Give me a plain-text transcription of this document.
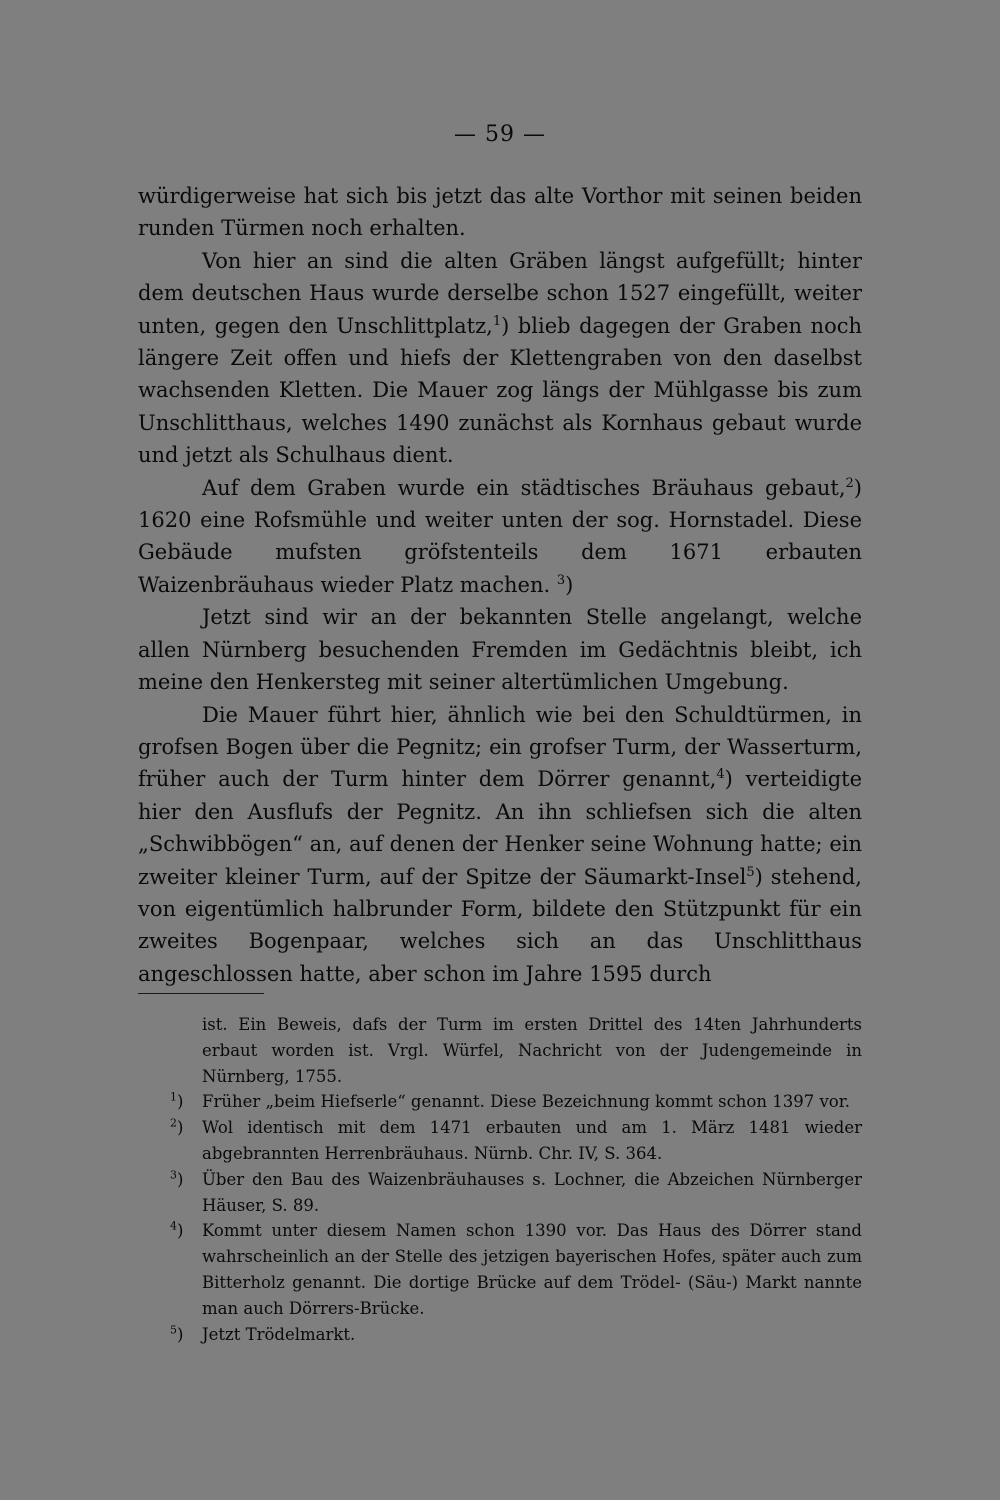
— 59 —

würdigerweise hat sich bis jetzt das alte Vorthor mit seinen beiden runden Türmen noch erhalten.

Von hier an sind die alten Gräben längst aufgefüllt; hinter dem deutschen Haus wurde derselbe schon 1527 eingefüllt, weiter unten, gegen den Unschlittplatz,$^1$) blieb dagegen der Graben noch längere Zeit offen und hiefs der Klettengraben von den daselbst wachsenden Kletten. Die Mauer zog längs der Mühlgasse bis zum Unschlitthaus, welches 1490 zunächst als Kornhaus gebaut wurde und jetzt als Schulhaus dient.

Auf dem Graben wurde ein städtisches Bräuhaus gebaut,$^2$) 1620 eine Rofsmühle und weiter unten der sog. Hornstadel. Diese Gebäude mufsten gröfstenteils dem 1671 erbauten Waizenbräuhaus wieder Platz machen. $^3$)

Jetzt sind wir an der bekannten Stelle angelangt, welche allen Nürnberg besuchenden Fremden im Gedächtnis bleibt, ich meine den Henkersteg mit seiner altertümlichen Umgebung.

Die Mauer führt hier, ähnlich wie bei den Schuldtürmen, in grofsen Bogen über die Pegnitz; ein grofser Turm, der Wasserturm, früher auch der Turm hinter dem Dörrer genannt,$^4$) verteidigte hier den Ausflufs der Pegnitz. An ihn schliefsen sich die alten „Schwibbögen“ an, auf denen der Henker seine Wohnung hatte; ein zweiter kleiner Turm, auf der Spitze der Säumarkt-Insel$^5$) stehend, von eigentümlich halbrunder Form, bildete den Stützpunkt für ein zweites Bogenpaar, welches sich an das Unschlitthaus angeschlossen hatte, aber schon im Jahre 1595 durch

ist. Ein Beweis, dafs der Turm im ersten Drittel des 14ten Jahrhunderts erbaut worden ist. Vrgl. Würfel, Nachricht von der Judengemeinde in Nürnberg, 1755.

$^1$)	Früher „beim Hiefserle“ genannt. Diese Bezeichnung kommt schon 1397 vor.
$^2$)	Wol identisch mit dem 1471 erbauten und am 1. März 1481 wieder abgebrannten Herrenbräuhaus. Nürnb. Chr. IV, S. 364.
$^3$)	Über den Bau des Waizenbräuhauses s. Lochner, die Abzeichen Nürnberger Häuser, S. 89.
$^4$)	Kommt unter diesem Namen schon 1390 vor. Das Haus des Dörrer stand wahrscheinlich an der Stelle des jetzigen bayerischen Hofes, später auch zum Bitterholz genannt. Die dortige Brücke auf dem Trödel- (Säu-) Markt nannte man auch Dörrers-Brücke.
$^5$)	Jetzt Trödelmarkt.
